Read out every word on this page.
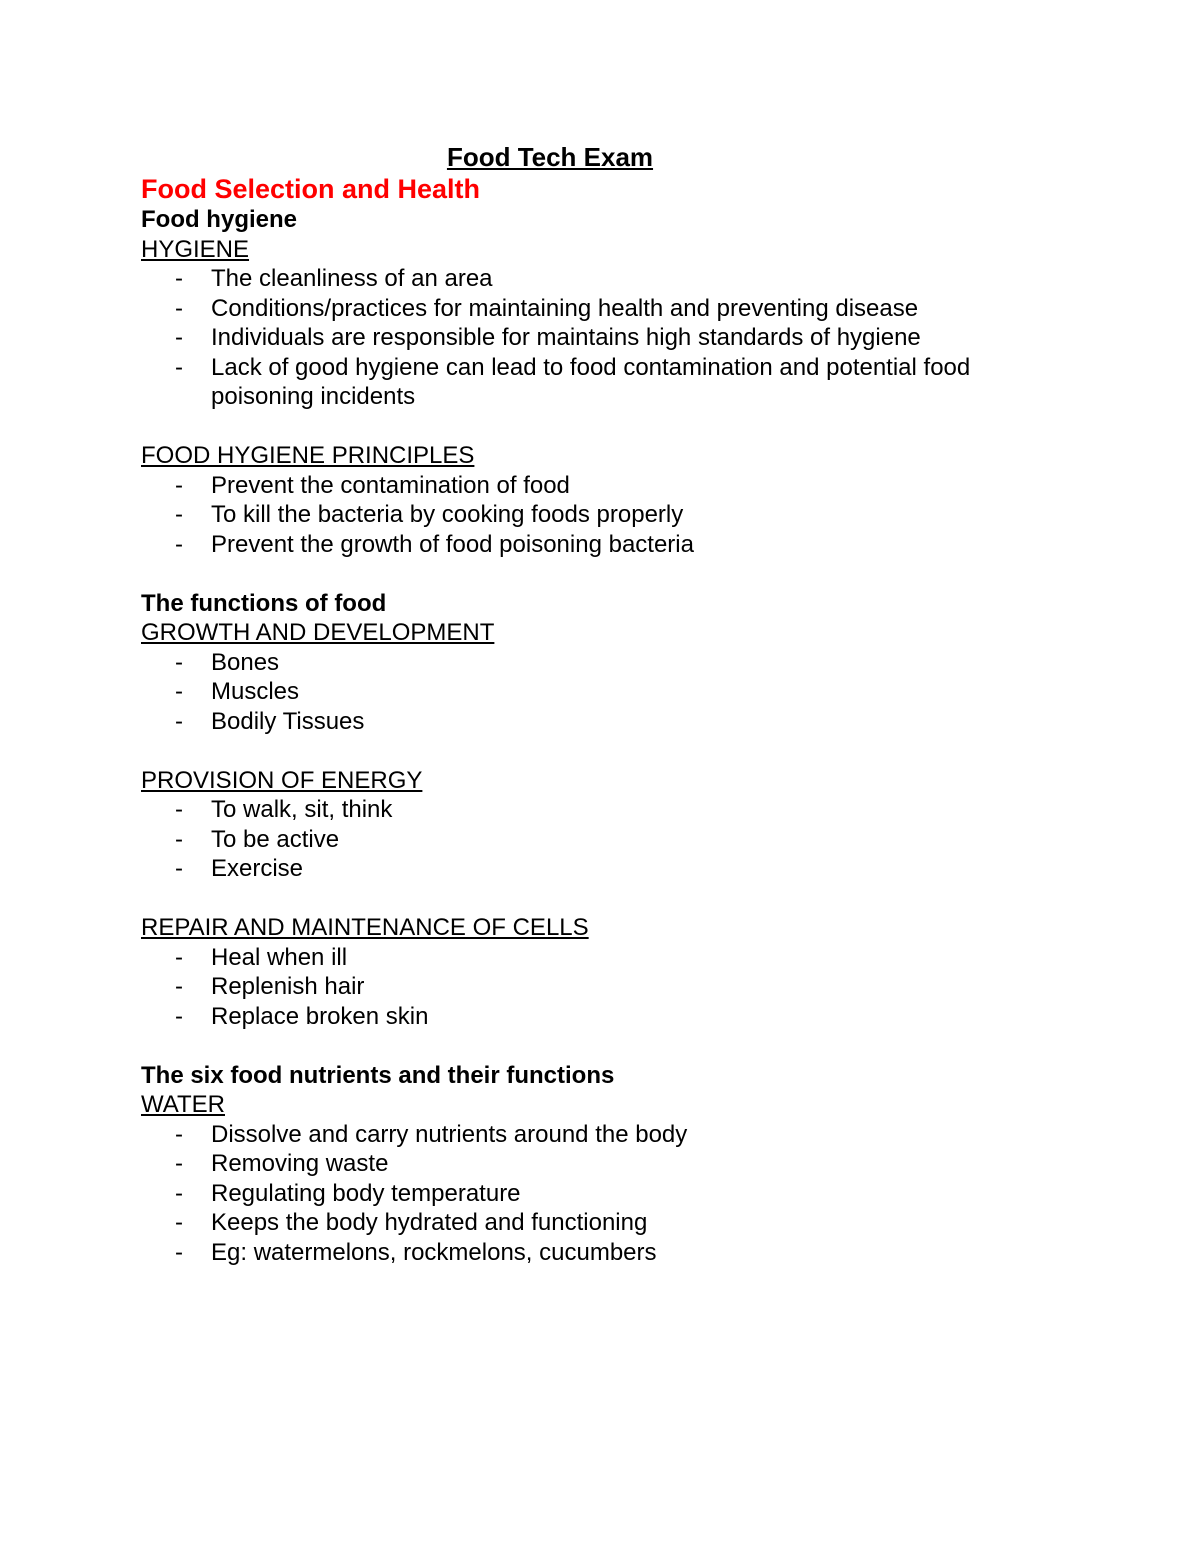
Food Tech Exam
Food Selection and Health
Food hygiene
HYGIENE
- The cleanliness of an area
- Conditions/practices for maintaining health and preventing disease
- Individuals are responsible for maintains high standards of hygiene
- Lack of good hygiene can lead to food contamination and potential food poisoning incidents
FOOD HYGIENE PRINCIPLES
- Prevent the contamination of food
- To kill the bacteria by cooking foods properly
- Prevent the growth of food poisoning bacteria
The functions of food
GROWTH AND DEVELOPMENT
- Bones
- Muscles
- Bodily Tissues
PROVISION OF ENERGY
- To walk, sit, think
- To be active
- Exercise
REPAIR AND MAINTENANCE OF CELLS
- Heal when ill
- Replenish hair
- Replace broken skin
The six food nutrients and their functions
WATER
- Dissolve and carry nutrients around the body
- Removing waste
- Regulating body temperature
- Keeps the body hydrated and functioning
- Eg: watermelons, rockmelons, cucumbers
